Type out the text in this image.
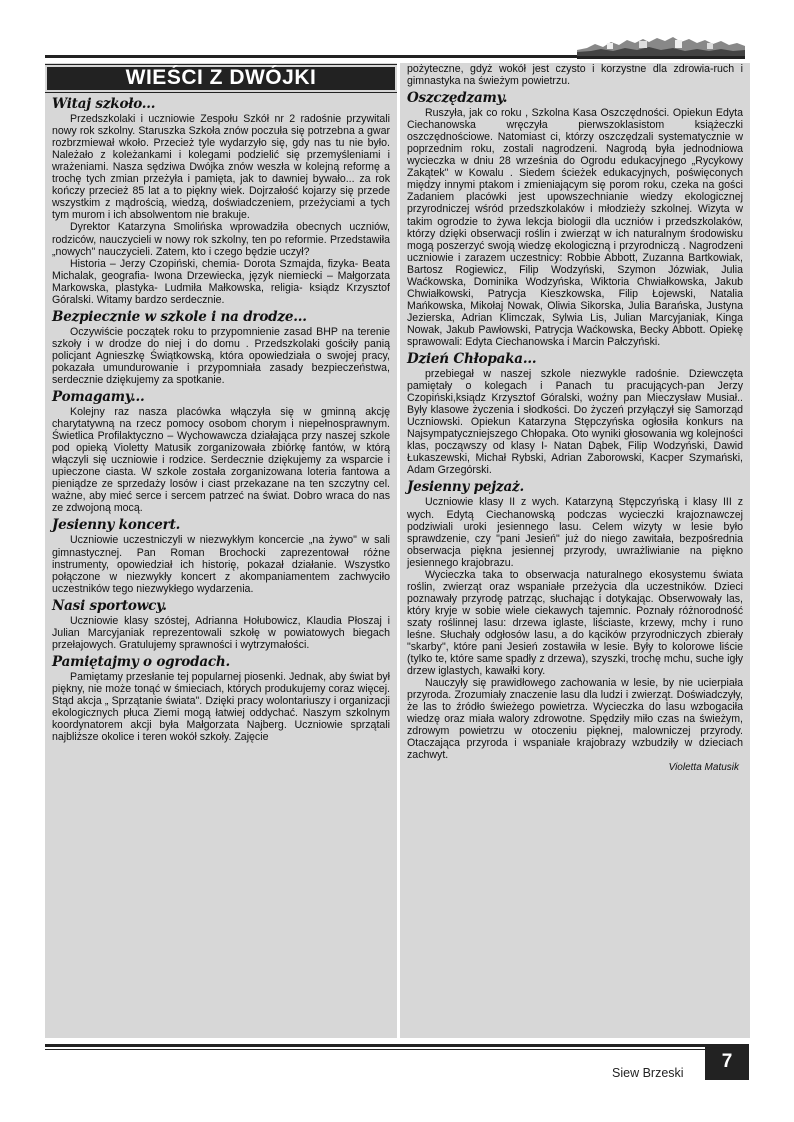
WIEŚCI Z DWÓJKI
Witaj szkoło...

Przedszkolaki i uczniowie Zespołu Szkół nr 2 radośnie przywitali nowy rok szkolny. Staruszka Szkoła znów poczuła się potrzebna a gwar rozbrzmiewał wkoło. Przecież tyle wydarzyło się, gdy nas tu nie było. Należało z koleżankami i kolegami podzielić się przemyśleniami i wrażeniami. Nasza sędziwa Dwójka znów weszła w kolejną reformę a trochę tych zmian przeżyła i pamięta, jak to dawniej bywało... za rok kończy przecież 85 lat a to piękny wiek. Dojrzałość kojarzy się przede wszystkim z mądrością, wiedzą, doświadczeniem, przeżyciami a tych tym murom i ich absolwentom nie brakuje.

Dyrektor Katarzyna Smolińska wprowadziła obecnych uczniów, rodziców, nauczycieli w nowy rok szkolny, ten po reformie. Przedstawiła „nowych" nauczycieli. Zatem, kto i czego będzie uczył?

Historia – Jerzy Czopiński, chemia- Dorota Szmajda, fizyka- Beata Michalak, geografia- Iwona Drzewiecka, język niemiecki – Małgorzata Markowska, plastyka- Ludmiła Małkowska, religia- ksiądz Krzysztof Góralski. Witamy bardzo serdecznie.

Bezpiecznie w szkole i na drodze...

Oczywiście początek roku to przypomnienie zasad BHP na terenie szkoły i w drodze do niej i do domu . Przedszkolaki gościły panią policjant Agnieszkę Świątkowską, która opowiedziała o swojej pracy, pokazała umundurowanie i przypomniała zasady bezpieczeństwa, serdecznie dziękujemy za spotkanie.

Pomagamy...

Kolejny raz nasza placówka włączyła się w gminną akcję charytatywną na rzecz pomocy osobom chorym i niepełnosprawnym. Świetlica Profilaktyczno – Wychowawcza działająca przy naszej szkole pod opieką Violetty Matusik zorganizowała zbiórkę fantów, w którą włączyli się uczniowie i rodzice. Serdecznie dziękujemy za wsparcie i upieczone ciasta. W szkole została zorganizowana loteria fantowa a pieniądze ze sprzedaży losów i ciast przekazane na ten szczytny cel. ważne, aby mieć serce i sercem patrzeć na świat. Dobro wraca do nas ze zdwojoną mocą.

Jesienny koncert.

Uczniowie uczestniczyli w niezwykłym koncercie „na żywo" w sali gimnastycznej. Pan Roman Brochocki zaprezentował różne instrumenty, opowiedział ich historię, pokazał działanie. Wszystko połączone w niezwykły koncert z akompaniamentem zachwyciło uczestników tego niezwykłego wydarzenia.

Nasi sportowcy.

Uczniowie klasy szóstej, Adrianna Hołubowicz, Klaudia Płoszaj i Julian Marcyjaniak reprezentowali szkołę w powiatowych biegach przełajowych. Gratulujemy sprawności i wytrzymałości.

Pamiętajmy o ogrodach.

Pamiętamy przesłanie tej popularnej piosenki. Jednak, aby świat był piękny, nie może tonąć w śmieciach, których produkujemy coraz więcej. Stąd akcja „ Sprzątanie świata". Dzięki pracy wolontariuszy i organizacji ekologicznych płuca Ziemi mogą łatwiej oddychać. Naszym szkolnym koordynatorem akcji była Małgorzata Najberg. Uczniowie sprzątali najbliższe okolice i teren wokół szkoły. Zajęcie

pożyteczne, gdyż wokół jest czysto i korzystne dla zdrowia-ruch i gimnastyka na świeżym powietrzu.

Oszczędzamy.

Ruszyła, jak co roku , Szkolna Kasa Oszczędności. Opiekun Edyta Ciechanowska wręczyła pierwszoklasistom książeczki oszczędnościowe. Natomiast ci, którzy oszczędzali systematycznie w poprzednim roku, zostali nagrodzeni. Nagrodą była jednodniowa wycieczka w dniu 28 września do Ogrodu edukacyjnego „Rycykowy Zakątek" w Kowalu . Siedem ścieżek edukacyjnych, poświęconych między innymi ptakom i zmieniającym się porom roku, czeka na gości Zadaniem placówki jest upowszechnianie wiedzy ekologicznej przyrodniczej wśród przedszkolaków i młodzieży szkolnej. Wizyta w takim ogrodzie to żywa lekcja biologii dla uczniów i przedszkolaków, którzy dzięki obserwacji roślin i zwierząt w ich naturalnym środowisku mogą poszerzyć swoją wiedzę ekologiczną i przyrodniczą . Nagrodzeni uczniowie i zarazem uczestnicy: Robbie Abbott, Zuzanna Bartkowiak, Bartosz Rogiewicz, Filip Wodzyński, Szymon Józwiak, Julia Waćkowska, Dominika Wodzyńska, Wiktoria Chwiałkowska, Jakub Chwiałkowski, Patrycja Kieszkowska, Filip Łojewski, Natalia Mańkowska, Mikołaj Nowak, Oliwia Sikorska, Julia Barańska, Justyna Jezierska, Adrian Klimczak, Sylwia Lis, Julian Marcyjaniak, Kinga Nowak, Jakub Pawłowski, Patrycja Waćkowska, Becky Abbott. Opiekę sprawowali: Edyta Ciechanowska i Marcin Pałczyński.

Dzień Chłopaka...

przebiegał w naszej szkole niezwykle radośnie. Dziewczęta pamiętały o kolegach i Panach tu pracujących-pan Jerzy Czopiński,ksiądz Krzysztof Góralski, woźny pan Mieczysław Musiał.. Były klasowe życzenia i słodkości. Do życzeń przyłączył się Samorząd Uczniowski. Opiekun Katarzyna Stępczyńska ogłosiła konkurs na Najsympatyczniejszego Chłopaka. Oto wyniki głosowania wg kolejności klas, począwszy od klasy I- Natan Dąbek, Filip Wodzyński, Dawid Łukaszewski, Michał Rybski, Adrian Zaborowski, Kacper Szymański, Adam Grzegórski.

Jesienny pejzaż.

Uczniowie klasy II z wych. Katarzyną Stępczyńską i klasy III z wych. Edytą Ciechanowską podczas wycieczki krajoznawczej podziwiali uroki jesiennego lasu. Celem wizyty w lesie było sprawdzenie, czy "pani Jesień" już do niego zawitała, bezpośrednia obserwacja piękna jesiennej przyrody, uwrażliwianie na piękno jesiennego krajobrazu.

Wycieczka taka to obserwacja naturalnego ekosystemu świata roślin, zwierząt oraz wspaniałe przeżycia dla uczestników. Dzieci poznawały przyrodę patrząc, słuchając i dotykając. Obserwowały las, który kryje w sobie wiele ciekawych tajemnic. Poznały różnorodność szaty roślinnej lasu: drzewa iglaste, liściaste, krzewy, mchy i runo leśne. Słuchały odgłosów lasu, a do kącików przyrodniczych zbierały "skarby", które pani Jesień zostawiła w lesie. Były to kolorowe liście (tylko te, które same spadły z drzewa), szyszki, trochę mchu, suche igły drzew iglastych, kawałki kory.

Nauczyły się prawidłowego zachowania w lesie, by nie ucierpiała przyroda. Zrozumiały znaczenie lasu dla ludzi i zwierząt. Doświadczyły, że las to źródło świeżego powietrza. Wycieczka do lasu wzbogaciła wiedzę oraz miała walory zdrowotne. Spędziły miło czas na świeżym, zdrowym powietrzu w otoczeniu pięknej, malowniczej przyrody. Otaczająca przyroda i wspaniałe krajobrazy wzbudziły w dzieciach zachwyt.

Violetta Matusik
Siew Brzeski
7
